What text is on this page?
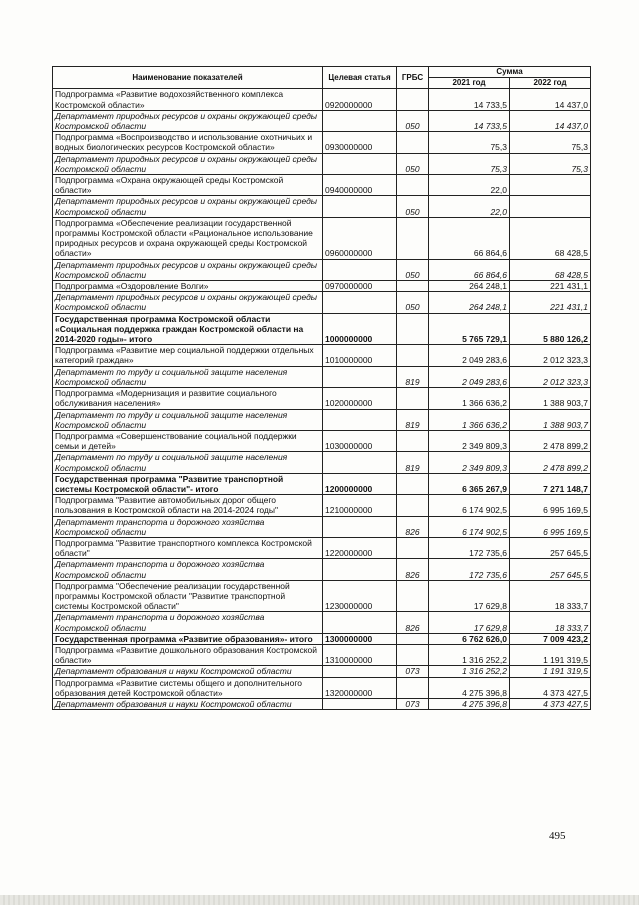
Наименование показателей	Целевая статья	ГРБС	Сумма	
			2021 год	2022 год
Подпрограмма «Развитие водохозяйственного комплекса Костромской области»	0920000000		14 733,5	14 437,0
Департамент природных ресурсов и охраны окружающей среды Костромской области		050	14 733,5	14 437,0
Подпрограмма «Воспроизводство и использование охотничьих и водных биологических ресурсов Костромской области»	0930000000		75,3	75,3
Департамент природных ресурсов и охраны окружающей среды Костромской области		050	75,3	75,3
Подпрограмма «Охрана окружающей среды Костромской области»	0940000000		22,0	
Департамент природных ресурсов и охраны окружающей среды Костромской области		050	22,0	
Подпрограмма «Обеспечение реализации государственной программы Костромской области «Рациональное использование природных ресурсов и охрана окружающей среды Костромской области»	0960000000		66 864,6	68 428,5
Департамент природных ресурсов и охраны окружающей среды Костромской области		050	66 864,6	68 428,5
Подпрограмма «Оздоровление Волги»	0970000000		264 248,1	221 431,1
Департамент природных ресурсов и охраны окружающей среды Костромской области		050	264 248,1	221 431,1
Государственная программа Костромской области «Социальная поддержка граждан Костромской области на 2014-2020 годы»- итого	1000000000		5 765 729,1	5 880 126,2
Подпрограмма «Развитие мер социальной поддержки отдельных категорий граждан»	1010000000		2 049 283,6	2 012 323,3
Департамент по труду и социальной защите населения Костромской области		819	2 049 283,6	2 012 323,3
Подпрограмма «Модернизация и развитие социального обслуживания населения»	1020000000		1 366 636,2	1 388 903,7
Департамент по труду и социальной защите населения Костромской области		819	1 366 636,2	1 388 903,7
Подпрограмма «Совершенствование социальной поддержки семьи и детей»	1030000000		2 349 809,3	2 478 899,2
Департамент по труду и социальной защите населения Костромской области		819	2 349 809,3	2 478 899,2
Государственная программа "Развитие транспортной системы Костромской области"- итого	1200000000		6 365 267,9	7 271 148,7
Подпрограмма "Развитие автомобильных дорог общего пользования в Костромской области на 2014-2024 годы"	1210000000		6 174 902,5	6 995 169,5
Департамент транспорта и дорожного хозяйства Костромской области		826	6 174 902,5	6 995 169,5
Подпрограмма "Развитие транспортного комплекса Костромской области"	1220000000		172 735,6	257 645,5
Департамент транспорта и дорожного хозяйства Костромской области		826	172 735,6	257 645,5
Подпрограмма "Обеспечение реализации государственной программы Костромской области "Развитие транспортной системы Костромской области"	1230000000		17 629,8	18 333,7
Департамент транспорта и дорожного хозяйства Костромской области		826	17 629,8	18 333,7
Государственная программа «Развитие образования»- итого	1300000000		6 762 626,0	7 009 423,2
Подпрограмма «Развитие дошкольного образования Костромской области»	1310000000		1 316 252,2	1 191 319,5
Департамент образования и науки Костромской области		073	1 316 252,2	1 191 319,5
Подпрограмма «Развитие системы общего и дополнительного образования детей Костромской области»	1320000000		4 275 396,8	4 373 427,5
Департамент образования и науки Костромской области		073	4 275 396,8	4 373 427,5
495
